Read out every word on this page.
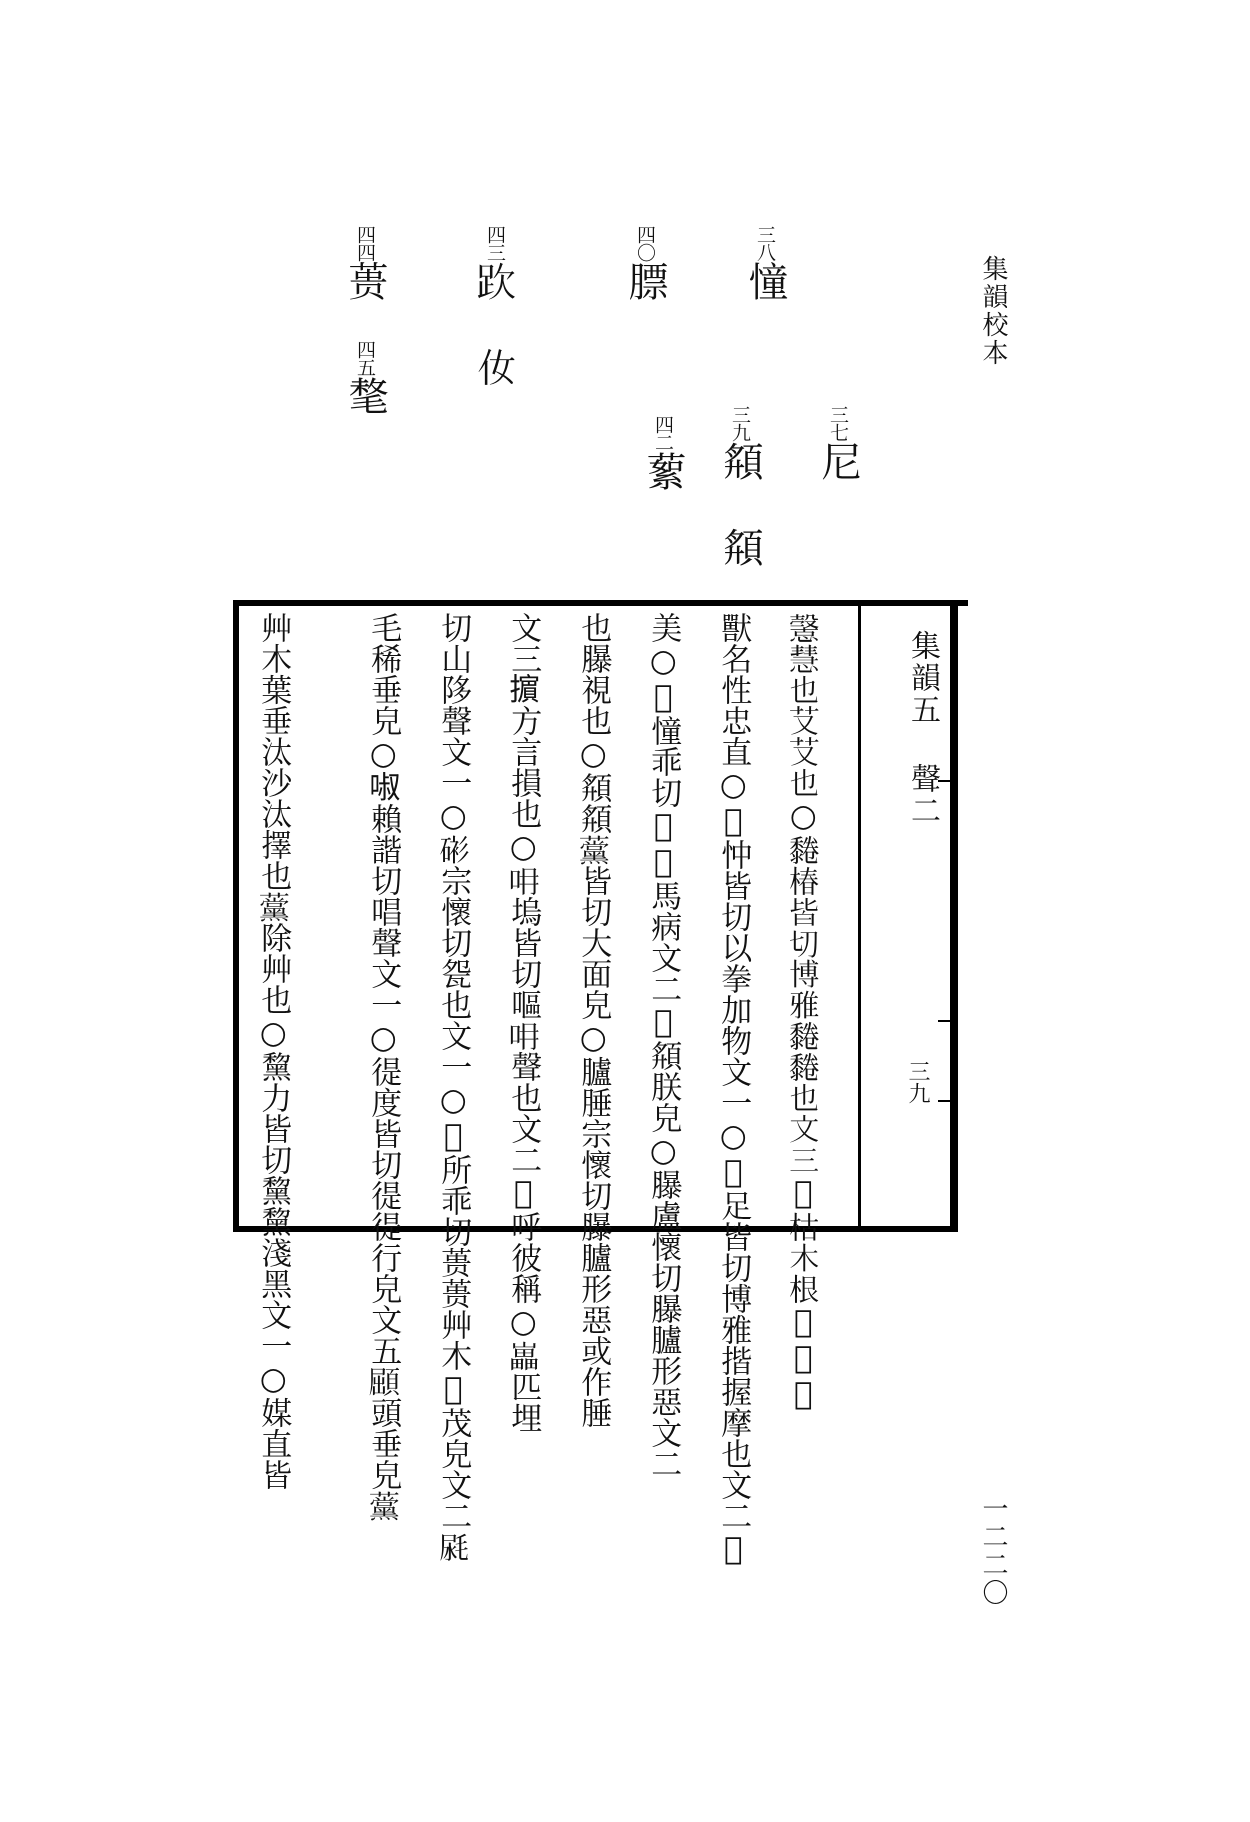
集韻校本
一二二〇
三八憧
四〇膘
四三𧿞 㚢
四四蒉
四五㲠
三七尼
三九頯 頯
四二蕠
集韻五 聲二
三九
𢤶慧也𦫿𦫿也○𪐂椿皆切博雅𪐂𪐂也文三𡈩枯木根𥪖𥪖𥪖
獸名性忠直○𡈩忡皆切以拳加物文一○𢸑足皆切博雅揩握摩也文二𡈩
美○𩈂憧乖切𠊱𩈂馬病文二𪓔頯朕皃○𦢊盧懷切𦢊臚形惡文二
也𦢊視也○頯頯𧅗皆切大面皃○臚腄宗懷切𦢊臚形惡或作腄
文三𢷤方言損也○𠯍塢皆切嘔𠯍聲也文二𧨓呼彼稱○𡾋匹埋
切山陊聲文一○𥓸宗懷切㼝也文一○𦾨所乖切蒉蒉艸木𦾨茂皃文二𣭼
毛稀垂皃○𠴫賴諧切唱聲文一○徥度皆切徥徥行皃文五𩓦頭垂皃𧅗
艸木葉垂汰沙汰擇也𧅗除艸也○黧力皆切黧黧淺黑文一○媒直皆
